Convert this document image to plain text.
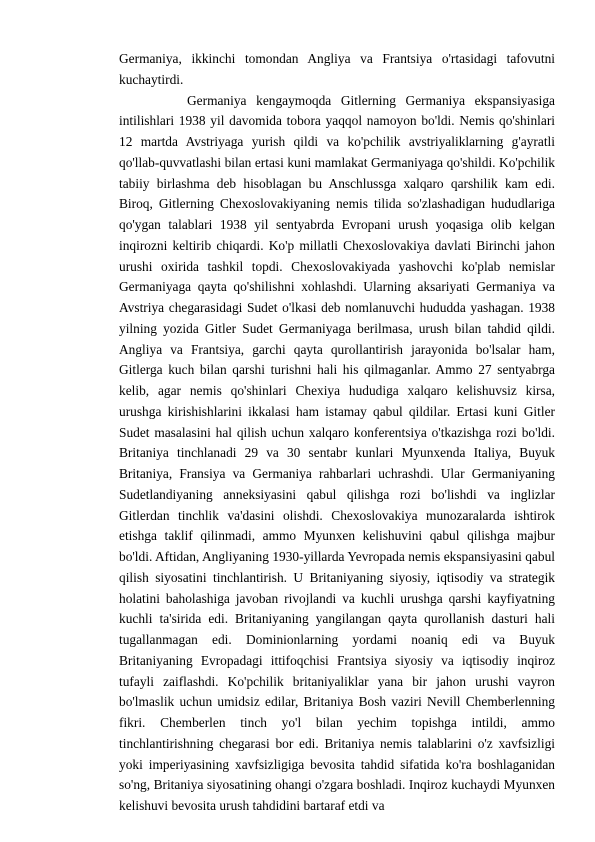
Germaniya, ikkinchi tomondan Angliya va Frantsiya o'rtasidagi tafovutni kuchaytirdi.

Germaniya kengaymoqda Gitlerning Germaniya ekspansiyasiga intilishlari 1938 yil davomida tobora yaqqol namoyon bo'ldi. Nemis qo'shinlari 12 martda Avstriyaga yurish qildi va ko'pchilik avstriyaliklarning g'ayratli qo'llab-quvvatlashi bilan ertasi kuni mamlakat Germaniyaga qo'shildi. Ko'pchilik tabiiy birlashma deb hisoblagan bu Anschlussga xalqaro qarshilik kam edi. Biroq, Gitlerning Chexoslovakiyaning nemis tilida so'zlashadigan hududlariga qo'ygan talablari 1938 yil sentyabrda Evropani urush yoqasiga olib kelgan inqirozni keltirib chiqardi. Ko'p millatli Chexoslovakiya davlati Birinchi jahon urushi oxirida tashkil topdi. Chexoslovakiyada yashovchi ko'plab nemislar Germaniyaga qayta qo'shilishni xohlashdi. Ularning aksariyati Germaniya va Avstriya chegarasidagi Sudet o'lkasi deb nomlanuvchi hududda yashagan. 1938 yilning yozida Gitler Sudet Germaniyaga berilmasa, urush bilan tahdid qildi. Angliya va Frantsiya, garchi qayta qurollantirish jarayonida bo'lsalar ham, Gitlerga kuch bilan qarshi turishni hali his qilmaganlar. Ammo 27 sentyabrga kelib, agar nemis qo'shinlari Chexiya hududiga xalqaro kelishuvsiz kirsa, urushga kirishishlarini ikkalasi ham istamay qabul qildilar. Ertasi kuni Gitler Sudet masalasini hal qilish uchun xalqaro konferentsiya o'tkazishga rozi bo'ldi. Britaniya tinchlanadi 29 va 30 sentabr kunlari Myunxenda Italiya, Buyuk Britaniya, Fransiya va Germaniya rahbarlari uchrashdi. Ular Germaniyaning Sudetlandiyaning anneksiyasini qabul qilishga rozi bo'lishdi va inglizlar Gitlerdan tinchlik va'dasini olishdi. Chexoslovakiya munozaralarda ishtirok etishga taklif qilinmadi, ammo Myunxen kelishuvini qabul qilishga majbur bo'ldi. Aftidan, Angliyaning 1930-yillarda Yevropada nemis ekspansiyasini qabul qilish siyosatini tinchlantirish. U Britaniyaning siyosiy, iqtisodiy va strategik holatini baholashiga javoban rivojlandi va kuchli urushga qarshi kayfiyatning kuchli ta'sirida edi. Britaniyaning yangilangan qayta qurollanish dasturi hali tugallanmagan edi. Dominionlarning yordami noaniq edi va Buyuk Britaniyaning Evropadagi ittifoqchisi Frantsiya siyosiy va iqtisodiy inqiroz tufayli zaiflashdi. Ko'pchilik britaniyaliklar yana bir jahon urushi vayron bo'lmaslik uchun umidsiz edilar, Britaniya Bosh vaziri Nevill Chemberlenning fikri. Chemberlen tinch yo'l bilan yechim topishga intildi, ammo tinchlantirishning chegarasi bor edi. Britaniya nemis talablarini o'z xavfsizligi yoki imperiyasining xavfsizligiga bevosita tahdid sifatida ko'ra boshlaganidan so'ng, Britaniya siyosatining ohangi o'zgara boshladi. Inqiroz kuchaydi Myunxen kelishuvi bevosita urush tahdidini bartaraf etdi va
